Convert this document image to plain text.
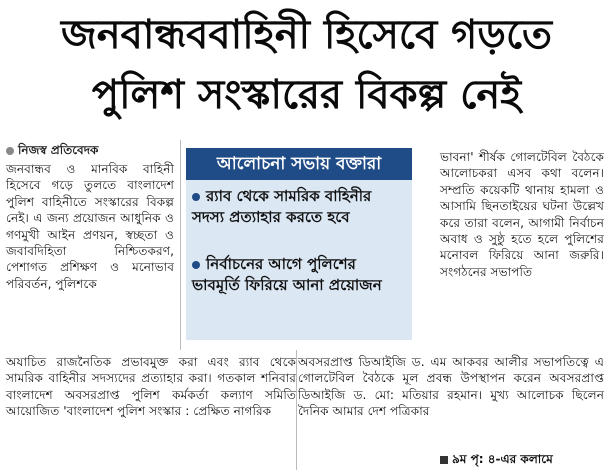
জনবান্ধববাহিনী হিসেবে গড়তে
পুলিশ সংস্কারের বিকল্প নেই
নিজস্ব প্রতিবেদক
জনবান্ধব ও মানবিক বাহিনী হিসেবে গড়ে তুলতে বাংলাদেশ পুলিশ বাহিনীতে সংস্কারের বিকল্প নেই। এ জন্য প্রয়োজন আধুনিক ও গণমুখী আইন প্রণয়ন, স্বচ্ছতা ও জবাবদিহিতা নিশ্চিতকরণ, পেশাগত প্রশিক্ষণ ও মনোভাব পরিবর্তন, পুলিশকে
আলোচনা সভায় বক্তারা
র‌্যাব থেকে সামরিক বাহিনীর সদস্য প্রত্যাহার করতে হবে
নির্বাচনের আগে পুলিশের ভাবমূর্তি ফিরিয়ে আনা প্রয়োজন
ভাবনা' শীর্ষক গোলটেবিল বৈঠকে আলোচকরা এসব কথা বলেন। সম্প্রতি কয়েকটি থানায় হামলা ও আসামি ছিনতাইয়ের ঘটনা উল্লেখ করে তারা বলেন, আগামী নির্বাচন অবাধ ও সুষ্ঠু হতে হলে পুলিশের মনোবল ফিরিয়ে আনা জরুরি। সংগঠনের সভাপতি
অযাচিত রাজনৈতিক প্রভাবমুক্ত করা এবং র‌্যাব থেকে সামরিক বাহিনীর সদস্যদের প্রত্যাহার করা। গতকাল শনিবার বাংলাদেশ অবসরপ্রাপ্ত পুলিশ কর্মকর্তা কল্যাণ সমিতি আয়োজিত 'বাংলাদেশ পুলিশ সংস্কার : প্রেক্ষিত নাগরিক
অবসরপ্রাপ্ত ডিআইজি ড. এম আকবর আলীর সভাপতিত্বে এ গোলটেবিল বৈঠকে মূল প্রবন্ধ উপস্থাপন করেন অবসরপ্রাপ্ত ডিআইজি ড. মো: মতিয়ার রহমান। মুখ্য আলোচক ছিলেন দৈনিক আমার দেশ পত্রিকার
৯ম পৃ: ৪-এর কলামে
